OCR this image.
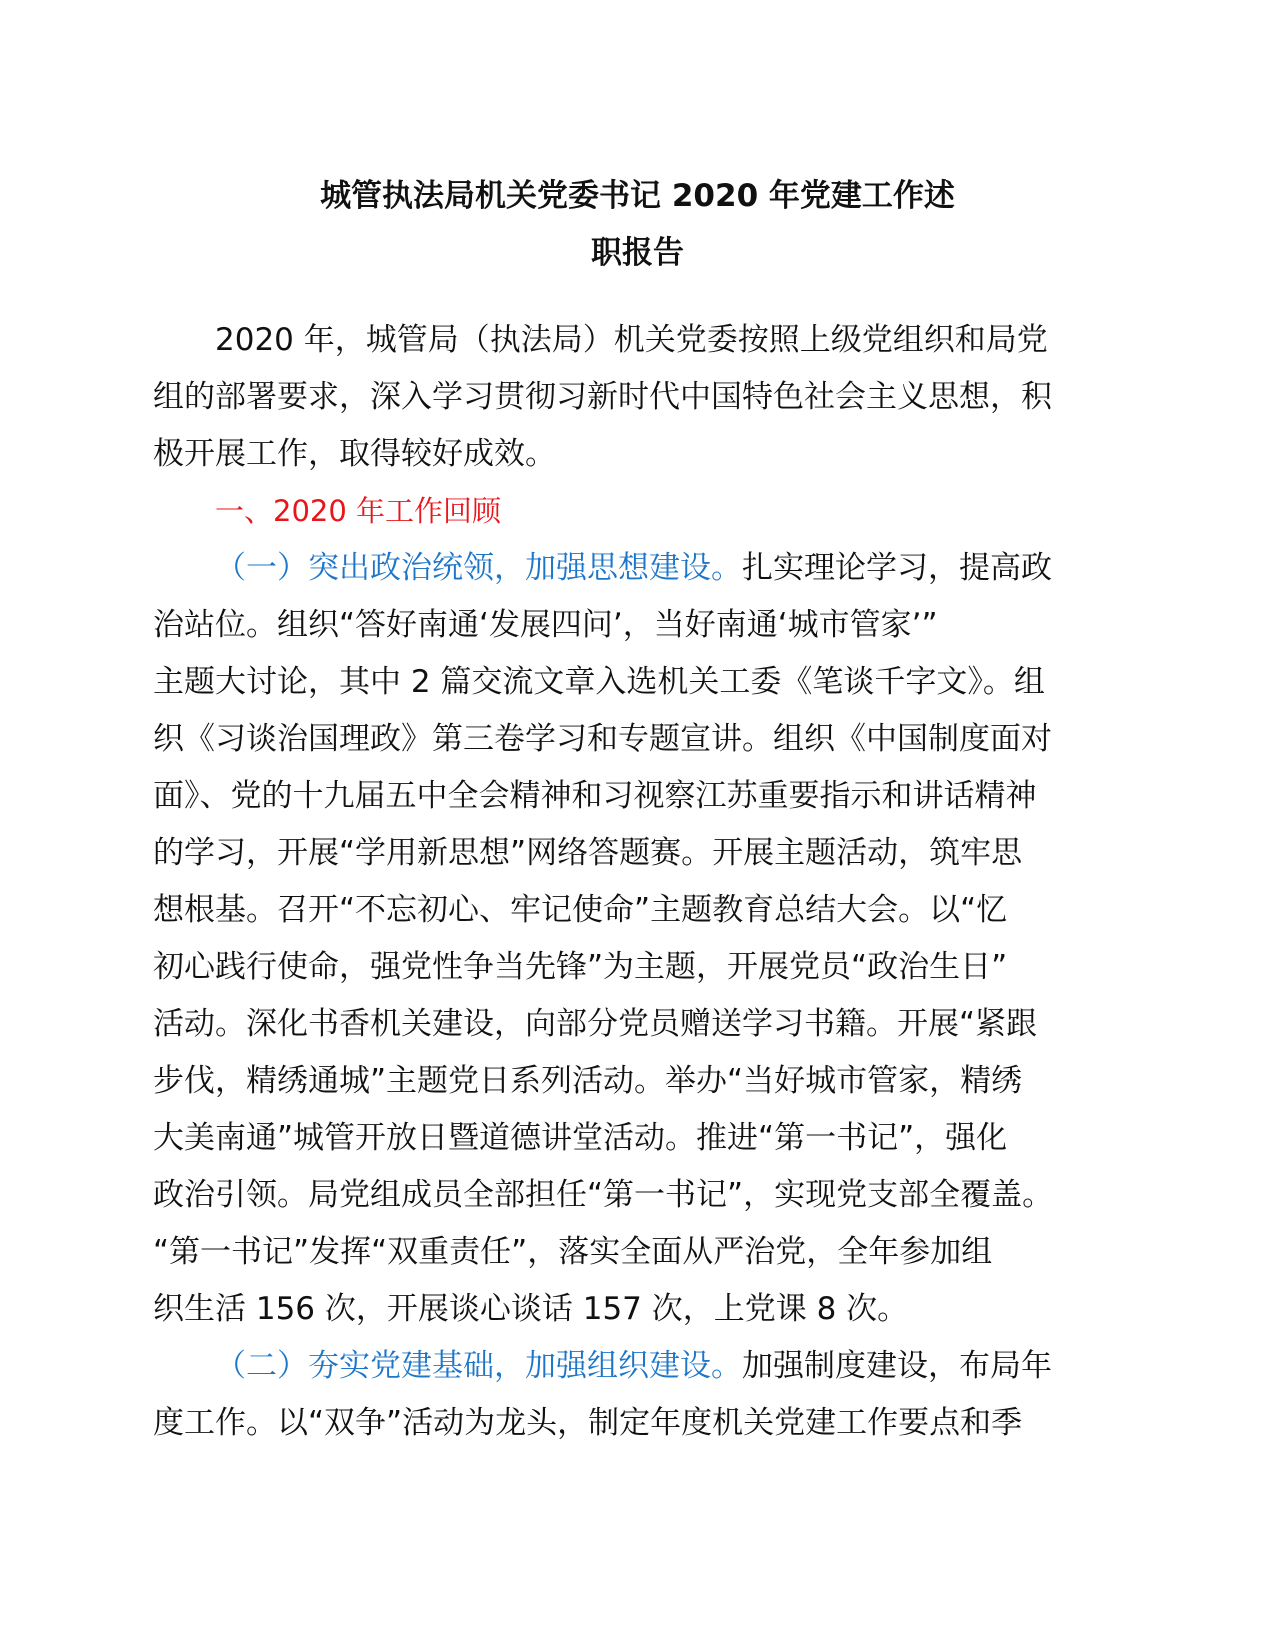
城管执法局机关党委书记 2020 年党建工作述
职报告
2020 年，城管局（执法局）机关党委按照上级党组织和局党
组的部署要求，深入学习贯彻习新时代中国特色社会主义思想，积
极开展工作，取得较好成效。
一、2020 年工作回顾
（一）突出政治统领，加强思想建设。扎实理论学习，提高政
治站位。组织“答好南通‘发展四问’，当好南通‘城市管家’”
主题大讨论，其中 2 篇交流文章入选机关工委《笔谈千字文》。组
织《习谈治国理政》第三卷学习和专题宣讲。组织《中国制度面对
面》、党的十九届五中全会精神和习视察江苏重要指示和讲话精神
的学习，开展“学用新思想”网络答题赛。开展主题活动，筑牢思
想根基。召开“不忘初心、牢记使命”主题教育总结大会。以“忆
初心践行使命，强党性争当先锋”为主题，开展党员“政治生日”
活动。深化书香机关建设，向部分党员赠送学习书籍。开展“紧跟
步伐，精绣通城”主题党日系列活动。举办“当好城市管家，精绣
大美南通”城管开放日暨道德讲堂活动。推进“第一书记”，强化
政治引领。局党组成员全部担任“第一书记”，实现党支部全覆盖。
“第一书记”发挥“双重责任”，落实全面从严治党，全年参加组
织生活 156 次，开展谈心谈话 157 次，上党课 8 次。
（二）夯实党建基础，加强组织建设。加强制度建设，布局年
度工作。以“双争”活动为龙头，制定年度机关党建工作要点和季
